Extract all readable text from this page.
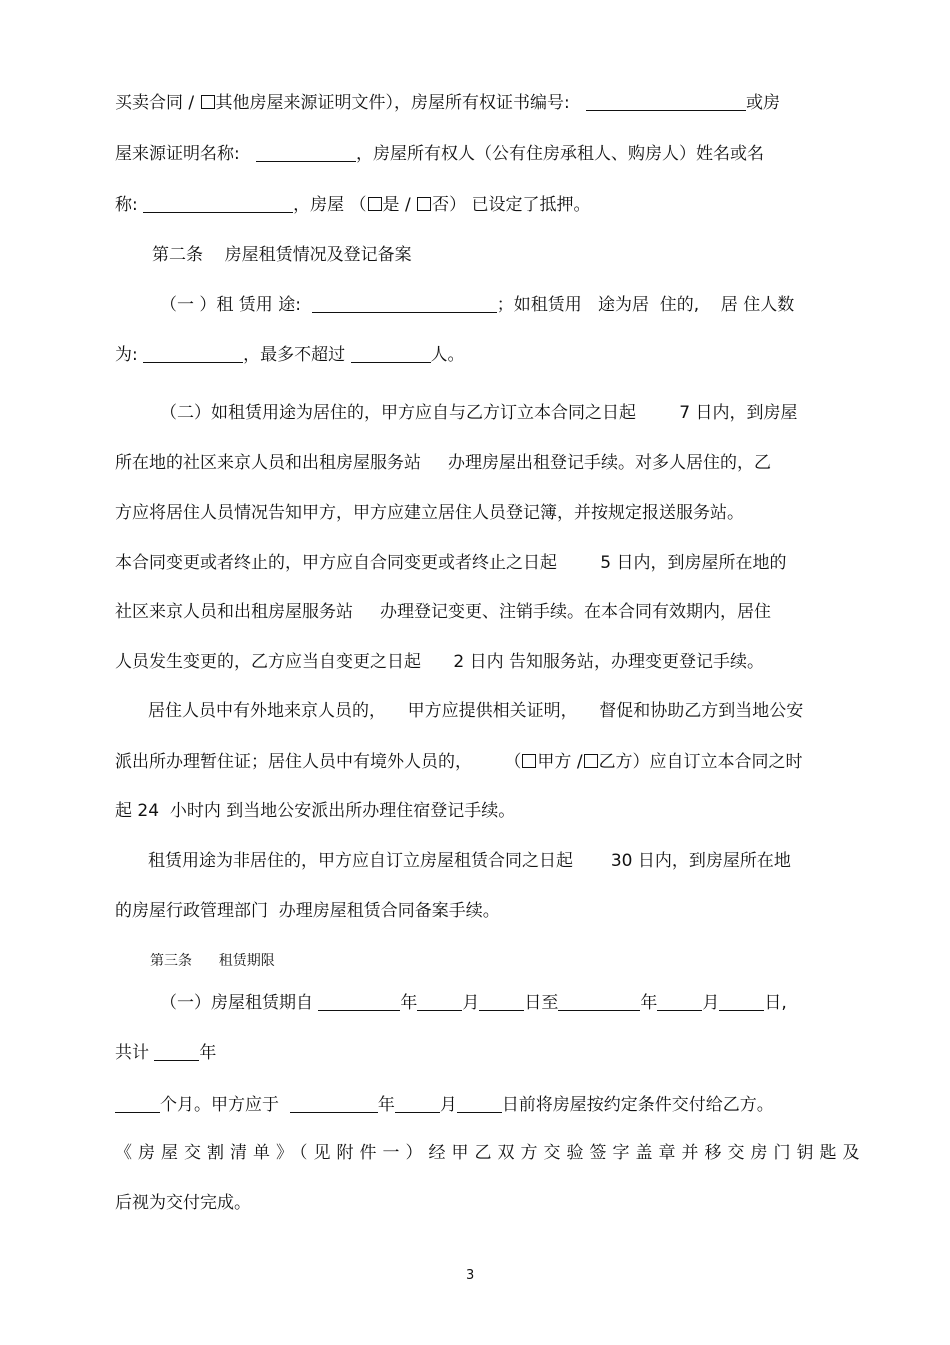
买卖合同 / 其他房屋来源证明文件），房屋所有权证书编号:	或房
屋来源证明名称:	，房屋所有权人（公有住房承租人、购房人）姓名或名
称:	，房屋 （ 是 / 否） 已设定了抵押。
第二条    房屋租赁情况及登记备案
（一 ）租 赁用 途:	；如租赁用   途为居  住的,    居 住人数
为:	，最多不超过	人。
（二）如租赁用途为居住的，甲方应自与乙方订立本合同之日起        7 日内，到房屋
所在地的社区来京人员和出租房屋服务站     办理房屋出租登记手续。对多人居住的，乙
方应将居住人员情况告知甲方，甲方应建立居住人员登记簿，并按规定报送服务站。
本合同变更或者终止的，甲方应自合同变更或者终止之日起        5 日内，到房屋所在地的
社区来京人员和出租房屋服务站     办理登记变更、注销手续。在本合同有效期内，居住
人员发生变更的，乙方应当自变更之日起      2 日内 告知服务站，办理变更登记手续。
居住人员中有外地来京人员的，    甲方应提供相关证明，    督促和协助乙方到当地公安
派出所办理暂住证；居住人员中有境外人员的，      （ 甲方 / 乙方）应自订立本合同之时
起 24  小时内 到当地公安派出所办理住宿登记手续。
租赁用途为非居住的，甲方应自订立房屋租赁合同之日起       30 日内，到房屋所在地
的房屋行政管理部门  办理房屋租赁合同备案手续。
第三条      租赁期限
（一）房屋租赁期自	年	月	日至	年	月	日,
共计	年
个月。甲方应于	年	月	日前将房屋按约定条件交付给乙方。
《房屋交割清单》（见附件一）经甲乙双方交验签字盖章并移交房门钥匙及
后视为交付完成。
3
